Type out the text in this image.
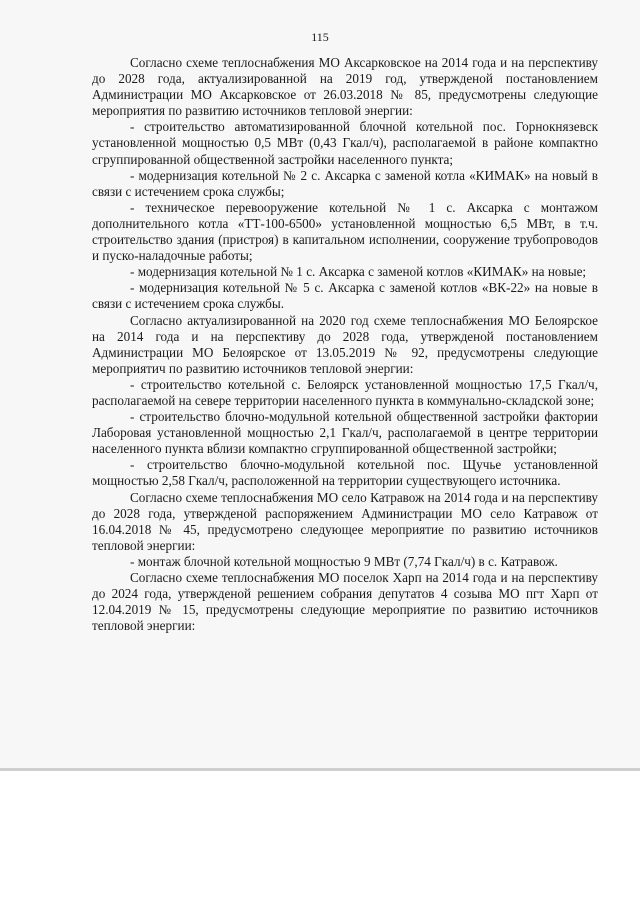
115

Согласно схеме теплоснабжения МО Аксарковское на 2014 года и на перспективу до 2028 года, актуализированной на 2019 год, утвержденой постановлением Администрации МО Аксарковское от 26.03.2018 № 85, предусмотрены следующие мероприятия по развитию источников тепловой энергии:

- строительство автоматизированной блочной котельной пос. Горнокнязевск установленной мощностью 0,5 МВт (0,43 Гкал/ч), располагаемой в районе компактно сгруппированной общественной застройки населенного пункта;

- модернизация котельной № 2 с. Аксарка с заменой котла «КИМАК» на новый в связи с истечением срока службы;

- техническое перевооружение котельной № 1 с. Аксарка с монтажом дополнительного котла «ТТ-100-6500» установленной мощностью 6,5 МВт, в т.ч. строительство здания (пристроя) в капитальном исполнении, сооружение трубопроводов и пуско-наладочные работы;

- модернизация котельной № 1 с. Аксарка с заменой котлов «КИМАК» на новые;

- модернизация котельной № 5 с. Аксарка с заменой котлов «ВК-22» на новые в связи с истечением срока службы.

Согласно актуализированной на 2020 год схеме теплоснабжения МО Белоярское на 2014 года и на перспективу до 2028 года, утвержденой постановлением Администрации МО Белоярское от 13.05.2019 № 92, предусмотрены следующие мероприятич по развитию источников тепловой энергии:

- строительство котельной с. Белоярск установленной мощностью 17,5 Гкал/ч, располагаемой на севере территории населенного пункта в коммунально-складской зоне;

- строительство блочно-модульной котельной общественной застройки фактории Лаборовая установленной мощностью 2,1 Гкал/ч, располагаемой в центре территории населенного пункта вблизи компактно сгруппированной общественной застройки;

- строительство блочно-модульной котельной пос. Щучье установленной мощностью 2,58 Гкал/ч, расположенной на территории существующего источника.

Согласно схеме теплоснабжения МО село Катравож на 2014 года и на перспективу до 2028 года, утвержденой распоряжением Администрации МО село Катравож от 16.04.2018 № 45, предусмотрено следующее мероприятие по развитию источников тепловой энергии:

- монтаж блочной котельной мощностью 9 МВт (7,74 Гкал/ч) в с. Катравож.

Согласно схеме теплоснабжения МО поселок Харп на 2014 года и на перспективу до 2024 года, утвержденой решением собрания депутатов 4 созыва МО пгт Харп от 12.04.2019 № 15, предусмотрены следующие мероприятие по развитию источников тепловой энергии:
